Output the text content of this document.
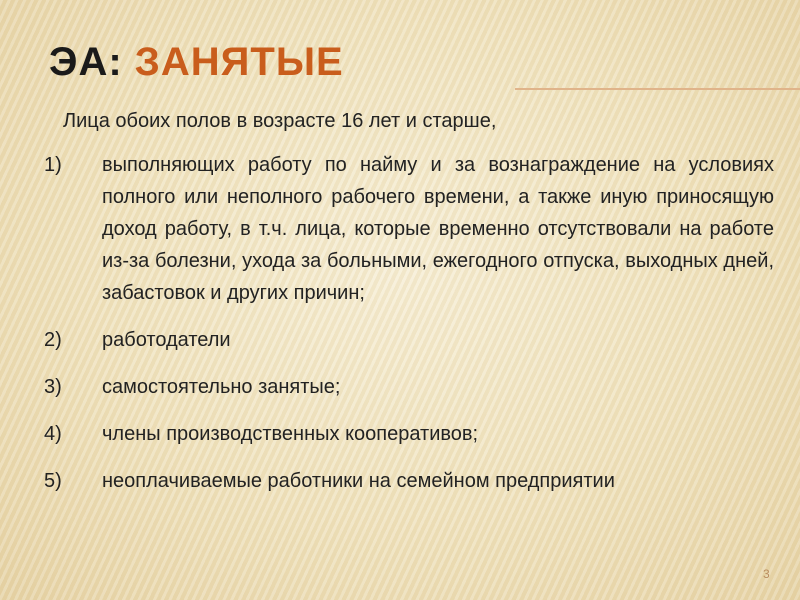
ЭА: ЗАНЯТЫЕ
Лица обоих полов в возрасте 16 лет и старше,
1)	выполняющих работу по найму и за вознаграждение на условиях полного или неполного рабочего времени, а также иную приносящую доход работу, в т.ч. лица, которые временно отсутствовали на работе из-за болезни, ухода за больными, ежегодного отпуска, выходных дней, забастовок и других причин;
2)	работодатели
3)	самостоятельно занятые;
4)	члены производственных кооперативов;
5)	неоплачиваемые работники на семейном предприятии
3
